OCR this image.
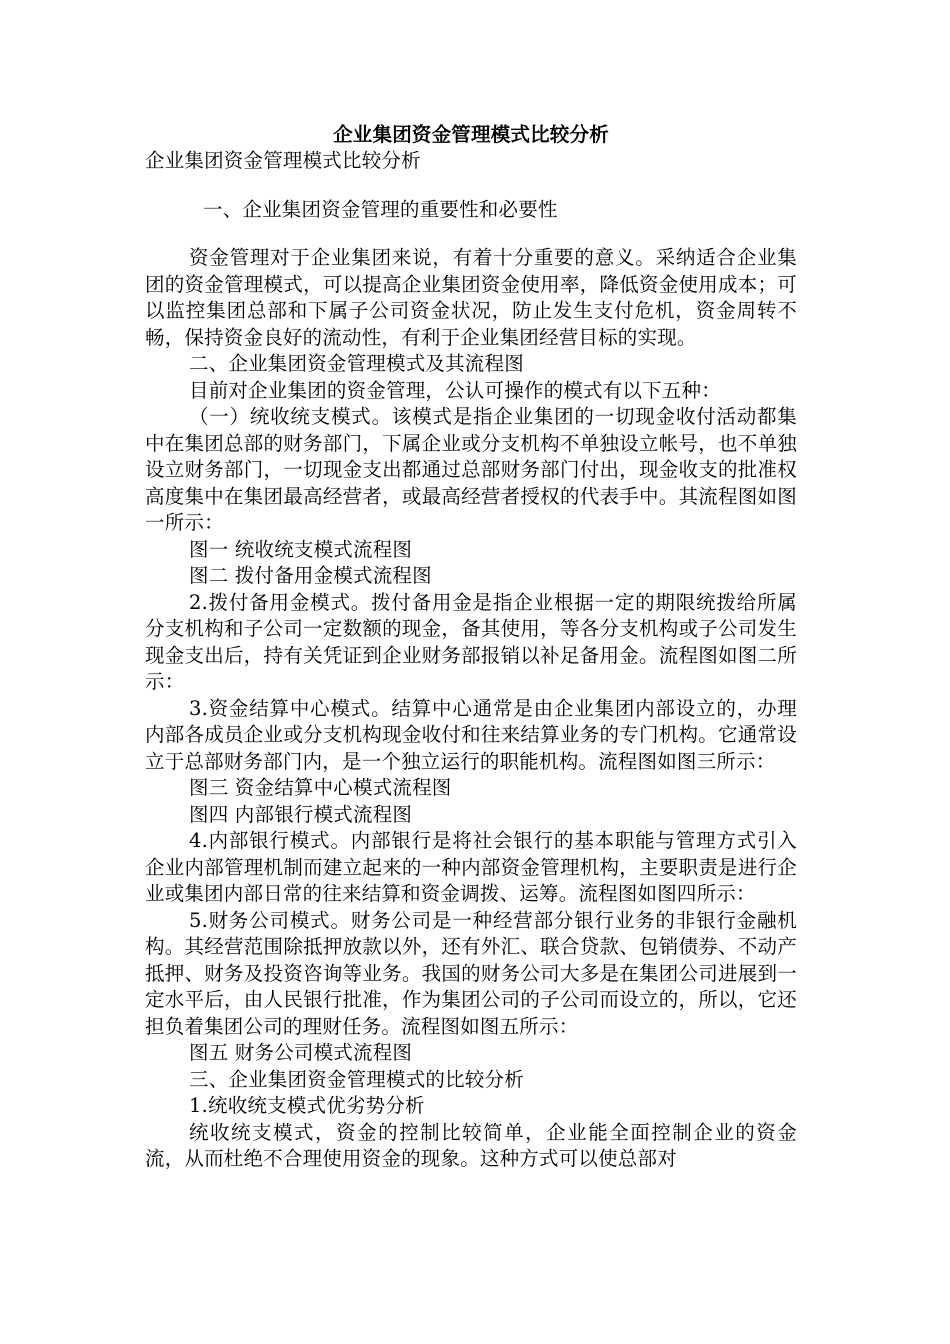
企业集团资金管理模式比较分析
企业集团资金管理模式比较分析
一、企业集团资金管理的重要性和必要性
资金管理对于企业集团来说，有着十分重要的意义。采纳适合企业集团的资金管理模式，可以提高企业集团资金使用率，降低资金使用成本；可以监控集团总部和下属子公司资金状况，防止发生支付危机，资金周转不畅，保持资金良好的流动性，有利于企业集团经营目标的实现。
二、企业集团资金管理模式及其流程图
目前对企业集团的资金管理，公认可操作的模式有以下五种：
（一）统收统支模式。该模式是指企业集团的一切现金收付活动都集中在集团总部的财务部门，下属企业或分支机构不单独设立帐号，也不单独设立财务部门，一切现金支出都通过总部财务部门付出，现金收支的批准权高度集中在集团最高经营者，或最高经营者授权的代表手中。其流程图如图一所示：
图一 统收统支模式流程图
图二 拨付备用金模式流程图
2.拨付备用金模式。拨付备用金是指企业根据一定的期限统拨给所属分支机构和子公司一定数额的现金，备其使用，等各分支机构或子公司发生现金支出后，持有关凭证到企业财务部报销以补足备用金。流程图如图二所示：
3.资金结算中心模式。结算中心通常是由企业集团内部设立的，办理内部各成员企业或分支机构现金收付和往来结算业务的专门机构。它通常设立于总部财务部门内，是一个独立运行的职能机构。流程图如图三所示：
图三 资金结算中心模式流程图
图四 内部银行模式流程图
4.内部银行模式。内部银行是将社会银行的基本职能与管理方式引入企业内部管理机制而建立起来的一种内部资金管理机构，主要职责是进行企业或集团内部日常的往来结算和资金调拨、运筹。流程图如图四所示：
5.财务公司模式。财务公司是一种经营部分银行业务的非银行金融机构。其经营范围除抵押放款以外，还有外汇、联合贷款、包销债券、不动产抵押、财务及投资咨询等业务。我国的财务公司大多是在集团公司进展到一定水平后，由人民银行批准，作为集团公司的子公司而设立的，所以，它还担负着集团公司的理财任务。流程图如图五所示：
图五 财务公司模式流程图
三、企业集团资金管理模式的比较分析
1.统收统支模式优劣势分析
统收统支模式，资金的控制比较简单，企业能全面控制企业的资金流，从而杜绝不合理使用资金的现象。这种方式可以使总部对
